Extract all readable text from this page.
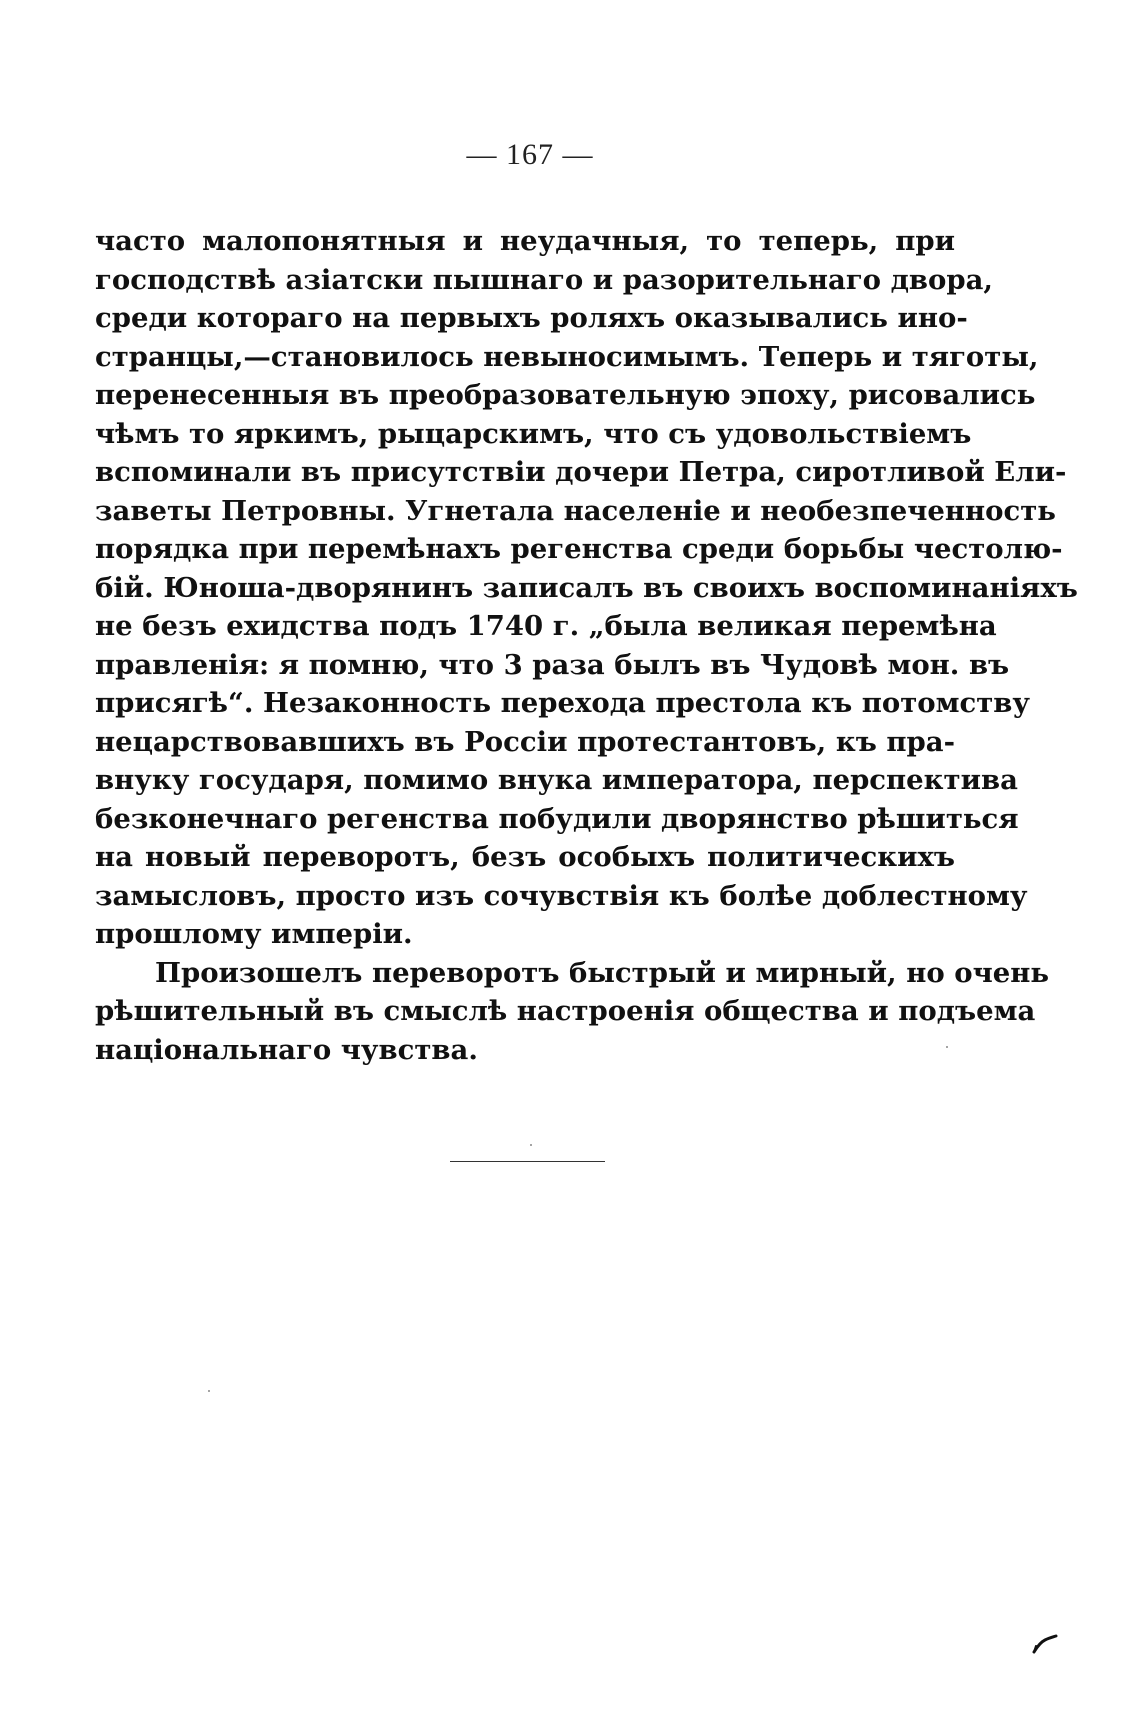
— 167 —
часто малопонятныя и неудачныя, то теперь, при
господствѣ азіатски пышнаго и разорительнаго двора,
среди котораго на первыхъ роляхъ оказывались ино-
странцы,—становилось невыносимымъ. Теперь и тяготы,
перенесенныя въ преобразовательную эпоху, рисовались
чѣмъ то яркимъ, рыцарскимъ, что съ удовольствіемъ
вспоминали въ присутствіи дочери Петра, сиротливой Ели-
заветы Петровны. Угнетала населеніе и необезпеченность
порядка при перемѣнахъ регенства среди борьбы честолю-
бій. Юноша-дворянинъ записалъ въ своихъ воспоминаніяхъ
не безъ ехидства подъ 1740 г. „была великая перемѣна
правленія: я помню, что 3 раза былъ въ Чудовѣ мон. въ
присягѣ“. Незаконность перехода престола къ потомству
нецарствовавшихъ въ Россіи протестантовъ, къ пра-
внуку государя, помимо внука императора, перспектива
безконечнаго регенства побудили дворянство рѣшиться
на новый переворотъ, безъ особыхъ политическихъ
замысловъ, просто изъ сочувствія къ болѣе доблестному
прошлому имперіи.
Произошелъ переворотъ быстрый и мирный, но очень
рѣшительный въ смыслѣ настроенія общества и подъема
національнаго чувства.
